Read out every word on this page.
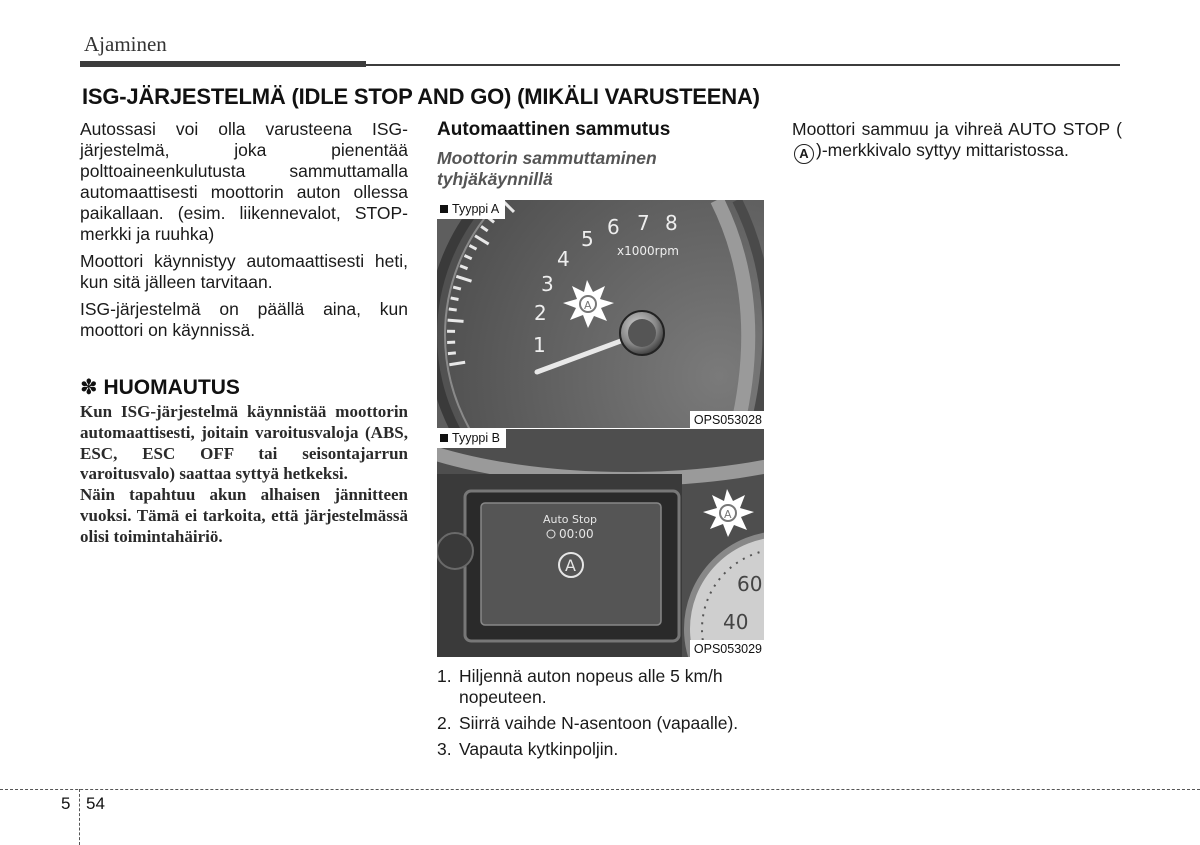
Ajaminen
ISG-JÄRJESTELMÄ (IDLE STOP AND GO) (MIKÄLI VARUSTEENA)

Autossasi voi olla varusteena ISG-järjestelmä, joka pienentää polttoaineenkulutusta sammuttamalla automaattisesti moottorin auton ollessa paikallaan. (esim. liikennevalot, STOP-merkki ja ruuhka)

Moottori käynnistyy automaattisesti heti, kun sitä jälleen tarvitaan.

ISG-järjestelmä on päällä aina, kun moottori on käynnissä.

✽ HUOMAUTUS
Kun ISG-järjestelmä käynnistää moottorin automaattisesti, joitain varoitusvaloja (ABS, ESC, ESC OFF tai seisontajarrun varoitusvalo) saattaa syttyä hetkeksi.
Näin tapahtuu akun alhaisen jännitteen vuoksi. Tämä ei tarkoita, että järjestelmässä olisi toimintahäiriö.
Automaattinen sammutus
Moottorin sammuttaminen tyhjäkäynnillä
1
2
3
4
5 6 7 8
x1000rpm
A
Tyyppi A
OPS053028
Auto Stop
00:00
A
60
40
A
Tyyppi B
OPS053029
1. Hiljennä auton nopeus alle 5 km/h nopeuteen.
2. Siirrä vaihde N-asentoon (vapaalle).
3. Vapauta kytkinpoljin.

Moottori sammuu ja vihreä AUTO STOP (A )-merkkivalo syttyy mittaristossa.

5 54
